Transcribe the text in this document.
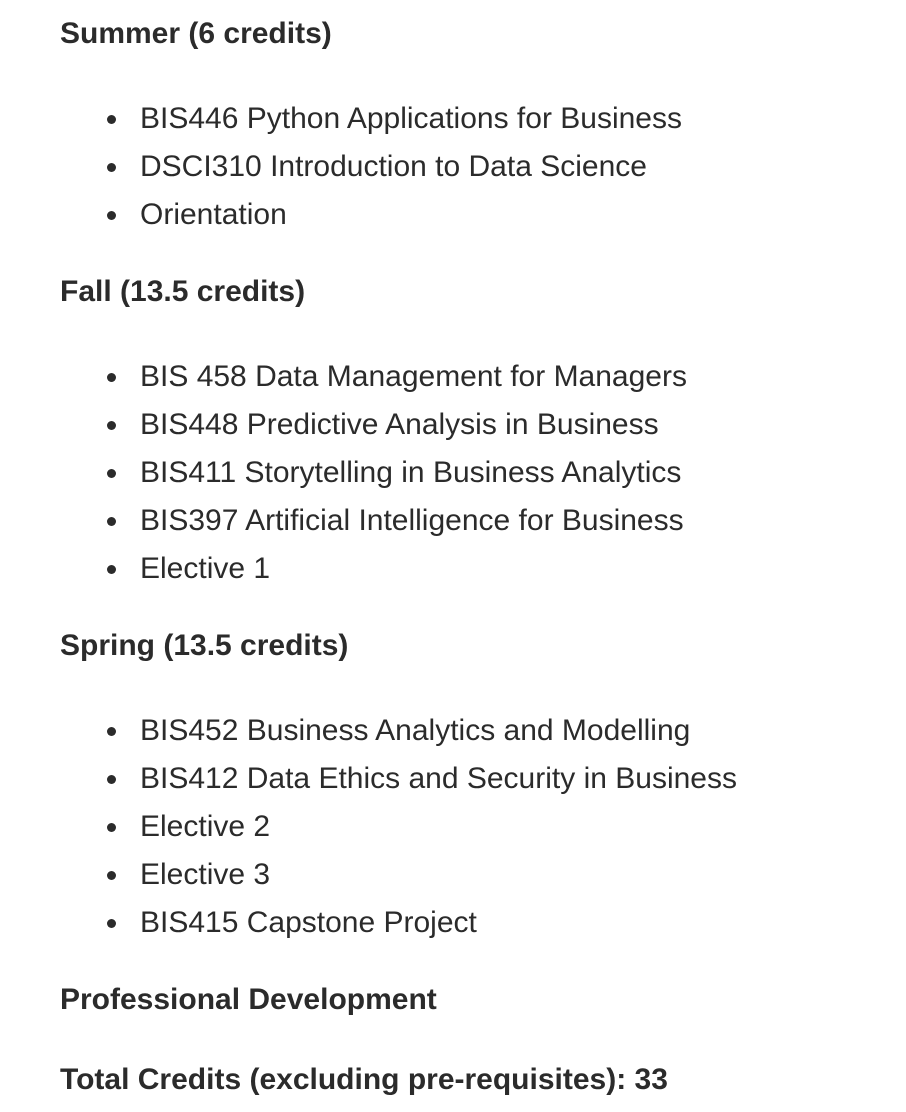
Summer (6 credits)

BIS446 Python Applications for Business
DSCI310 Introduction to Data Science
Orientation

Fall (13.5 credits)

BIS 458 Data Management for Managers
BIS448 Predictive Analysis in Business
BIS411 Storytelling in Business Analytics
BIS397 Artificial Intelligence for Business
Elective 1

Spring (13.5 credits)

BIS452 Business Analytics and Modelling
BIS412 Data Ethics and Security in Business
Elective 2
Elective 3
BIS415 Capstone Project

Professional Development

Total Credits (excluding pre-requisites): 33
